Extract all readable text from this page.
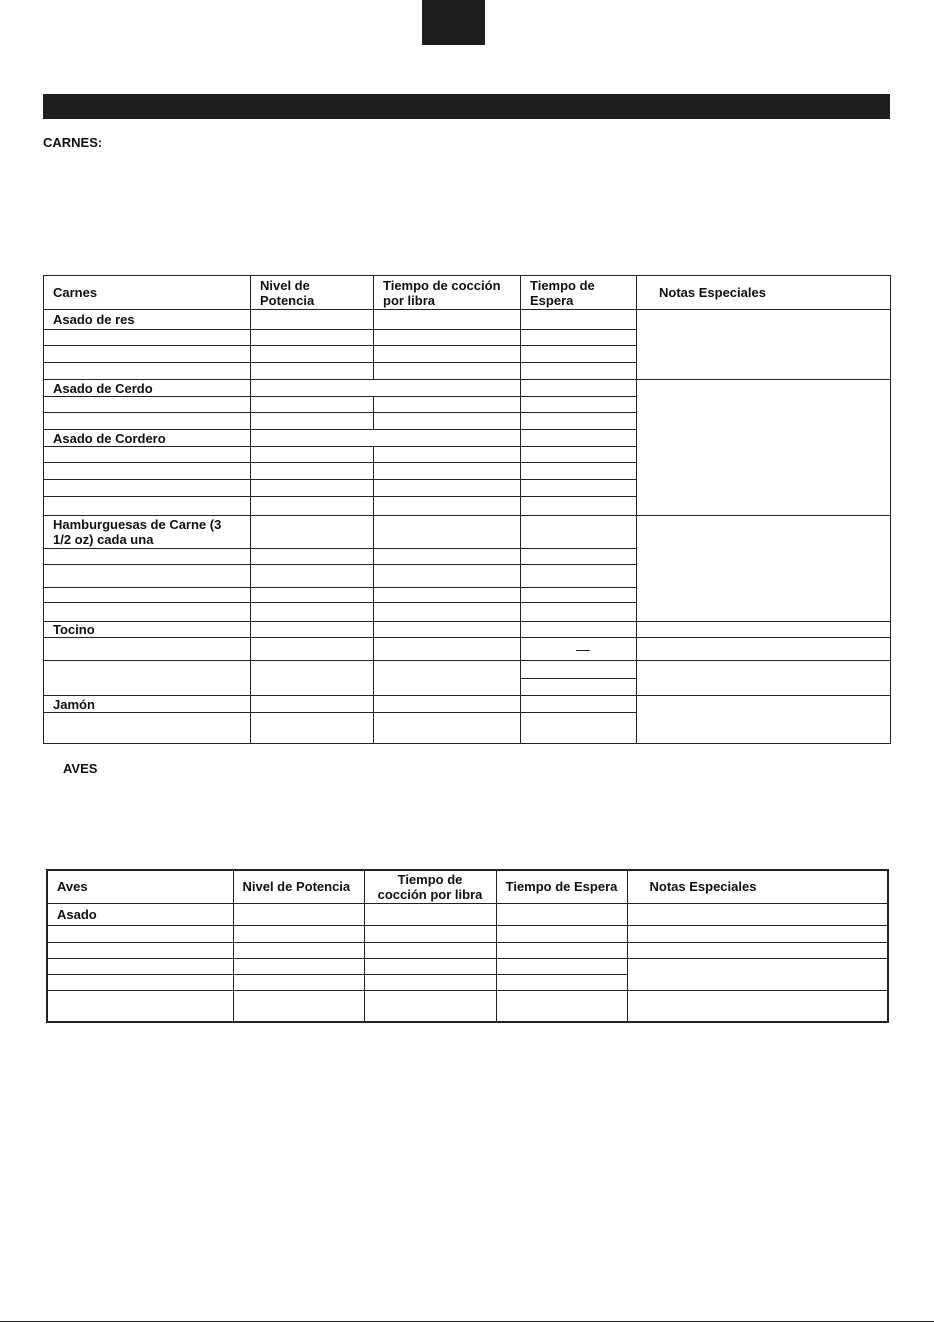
CARNES:
Carnes	Nivel de Potencia	Tiempo de cocción por libra	Tiempo de Espera	Notas Especiales
Asado de res				

Asado de Cerdo				

Asado de Cordero				

Hamburguesas de Carne (3 1/2 oz) cada una				

Tocino				

Jamón				

AVES
Aves	Nivel de Potencia	Tiempo de cocción por libra	Tiempo de Espera	Notas Especiales
Asado				
